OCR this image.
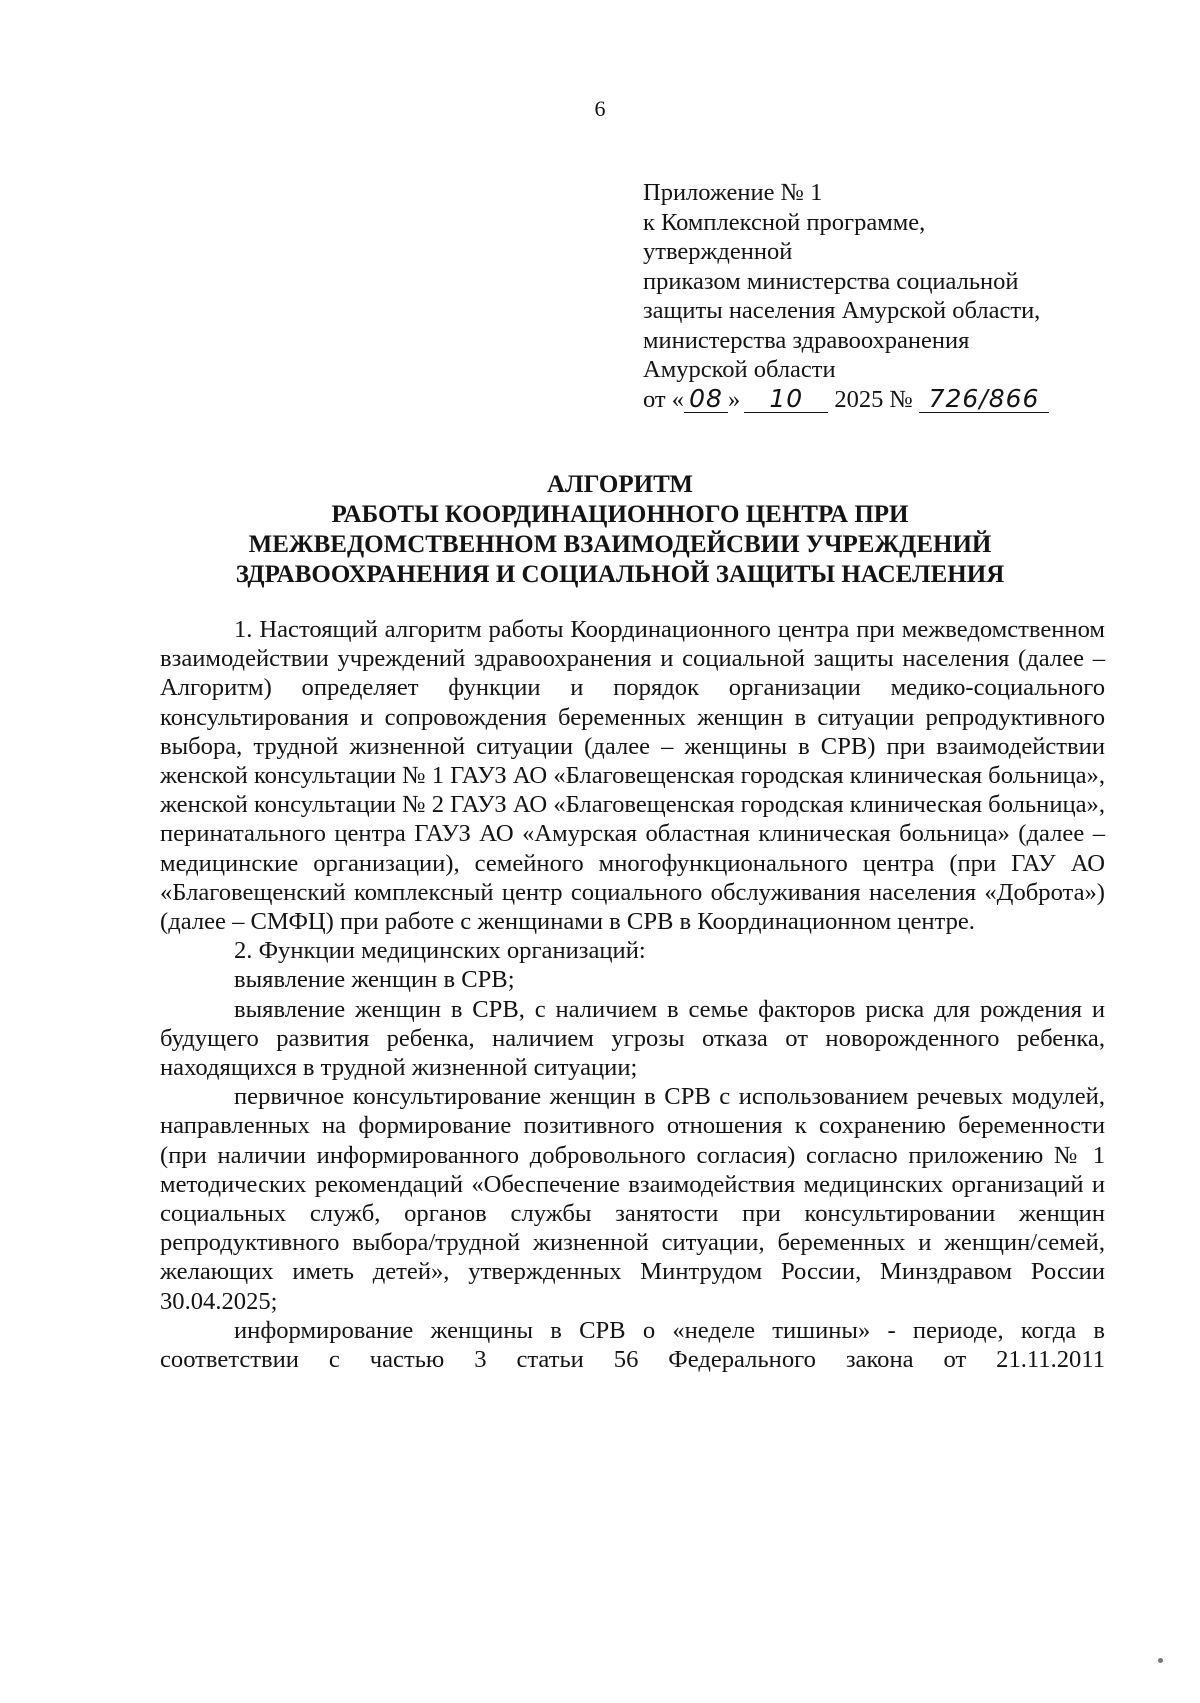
6
Приложение № 1
к Комплексной программе,
утвержденной
приказом министерства социальной
защиты населения Амурской области,
министерства здравоохранения
Амурской области
от « 08 » 10 2025 № 726/866
АЛГОРИТМ
РАБОТЫ КООРДИНАЦИОННОГО ЦЕНТРА ПРИ
МЕЖВЕДОМСТВЕННОМ ВЗАИМОДЕЙСВИИ УЧРЕЖДЕНИЙ
ЗДРАВООХРАНЕНИЯ И СОЦИАЛЬНОЙ ЗАЩИТЫ НАСЕЛЕНИЯ

1. Настоящий алгоритм работы Координационного центра при межведомственном взаимодействии учреждений здравоохранения и социальной защиты населения (далее – Алгоритм) определяет функции и порядок организации медико-социального консультирования и сопровождения беременных женщин в ситуации репродуктивного выбора, трудной жизненной ситуации (далее – женщины в СРВ) при взаимодействии женской консультации № 1 ГАУЗ АО «Благовещенская городская клиническая больница», женской консультации № 2 ГАУЗ АО «Благовещенская городская клиническая больница», перинатального центра ГАУЗ АО «Амурская областная клиническая больница» (далее – медицинские организации), семейного многофункционального центра (при ГАУ АО «Благовещенский комплексный центр социального обслуживания населения «Доброта») (далее – СМФЦ) при работе с женщинами в СРВ в Координационном центре.

2. Функции медицинских организаций:

выявление женщин в СРВ;

выявление женщин в СРВ, с наличием в семье факторов риска для рождения и будущего развития ребенка, наличием угрозы отказа от новорожденного ребенка, находящихся в трудной жизненной ситуации;

первичное консультирование женщин в СРВ с использованием речевых модулей, направленных на формирование позитивного отношения к сохранению беременности (при наличии информированного добровольного согласия) согласно приложению № 1 методических рекомендаций «Обеспечение взаимодействия медицинских организаций и социальных служб, органов службы занятости при консультировании женщин репродуктивного выбора/трудной жизненной ситуации, беременных и женщин/семей, желающих иметь детей», утвержденных Минтрудом России, Минздравом России 30.04.2025;

информирование женщины в СРВ о «неделе тишины» - периоде, когда в соответствии с частью 3 статьи 56 Федерального закона от 21.11.2011
